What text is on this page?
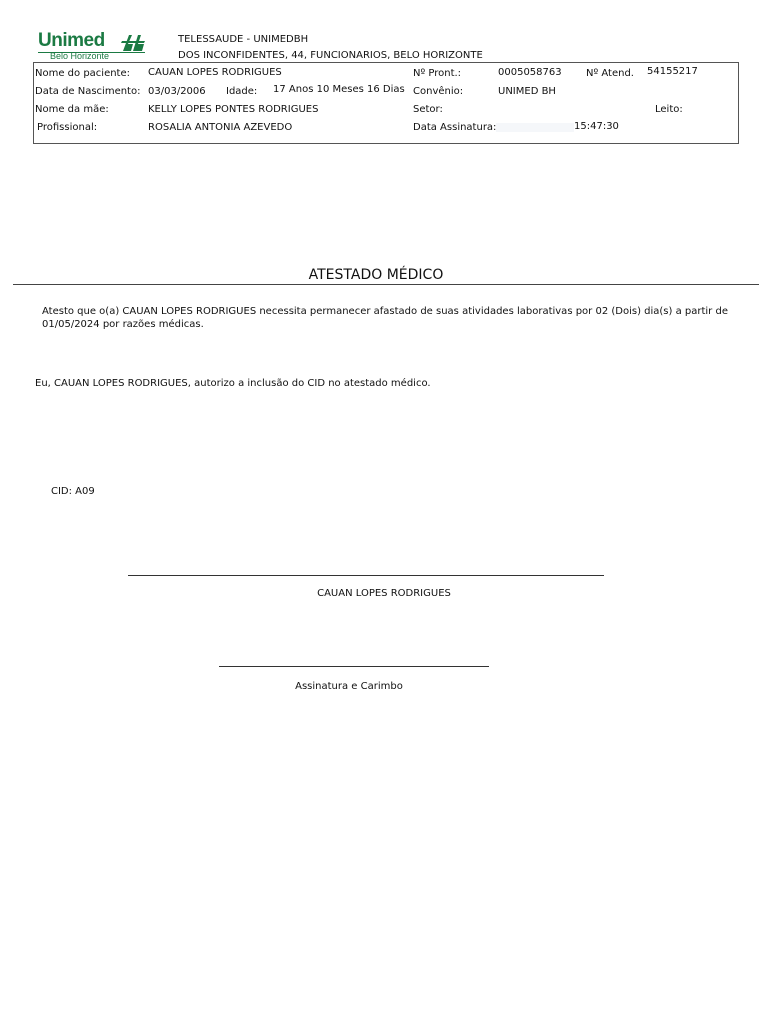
Unimed
Belo Horizonte
TELESSAUDE - UNIMEDBH
DOS INCONFIDENTES, 44, FUNCIONARIOS, BELO HORIZONTE
Nome do paciente: CAUAN LOPES RODRIGUES	Nº Pront.:	0005058763 Nº Atend. 54155217
Data de Nascimento: 03/03/2006 Idade: 17 Anos 10 Meses 16 Dias Convênio:	UNIMED BH
Nome da mãe:	KELLY LOPES PONTES RODRIGUES	Setor:	Leito:
Profissional:	ROSALIA ANTONIA AZEVEDO	Data Assinatura:	15:47:30
ATESTADO MÉDICO
Atesto que o(a) CAUAN LOPES RODRIGUES necessita permanecer afastado de suas atividades laborativas por 02 (Dois) dia(s) a partir de
01/05/2024 por razões médicas.
Eu, CAUAN LOPES RODRIGUES, autorizo a inclusão do CID no atestado médico.
CID: A09
CAUAN LOPES RODRIGUES
Assinatura e Carimbo
